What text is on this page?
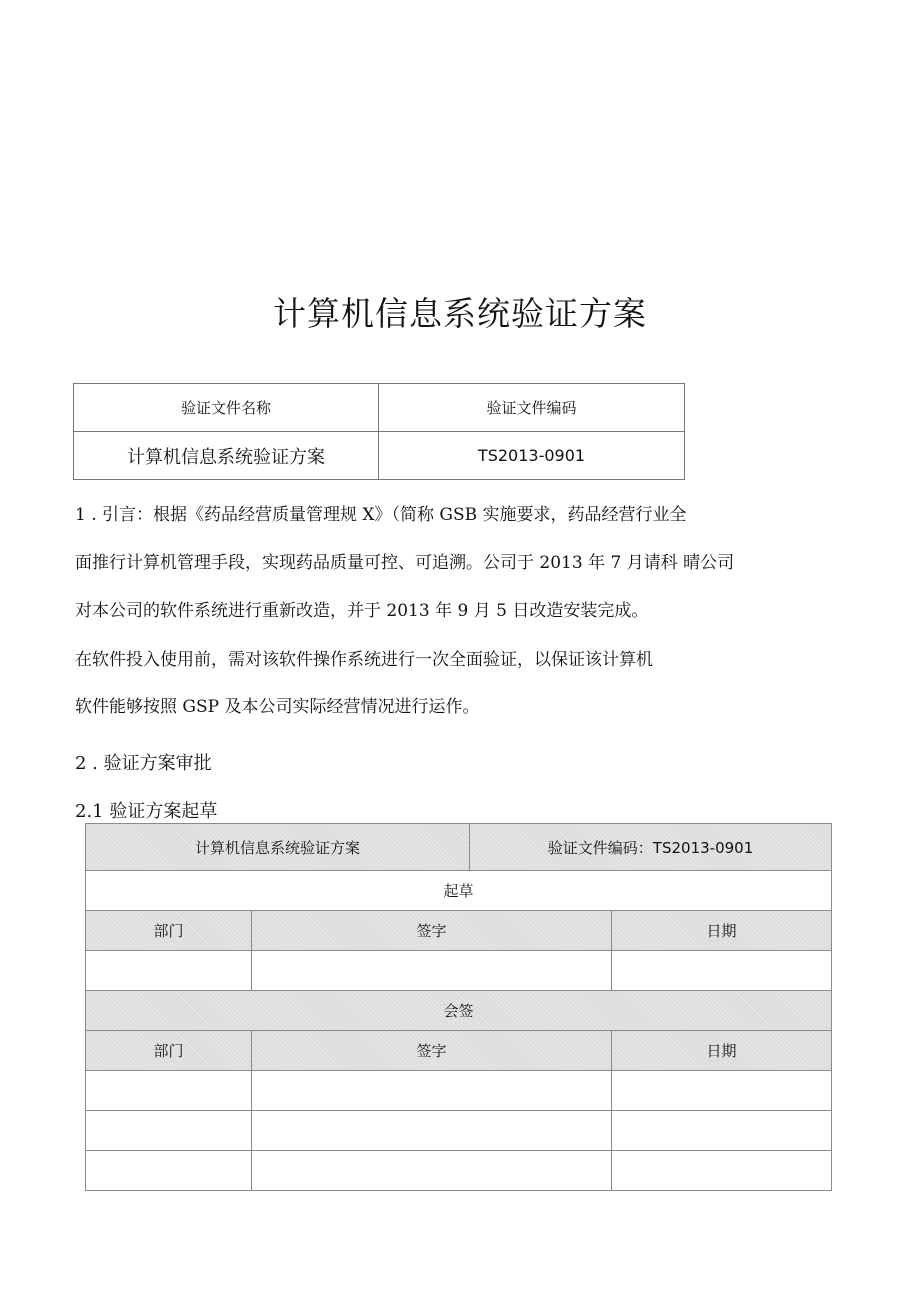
计算机信息系统验证方案
验证文件名称	验证文件编码
计算机信息系统验证方案	TS2013-0901
1 . 引言：根据《药品经营质量管理规 X》（简称 GSB 实施要求，药品经营行业全
面推行计算机管理手段，实现药品质量可控、可追溯。公司于 2013 年 7 月请科 晴公司
对本公司的软件系统进行重新改造，并于 2013 年 9 月 5 日改造安装完成。
在软件投入使用前，需对该软件操作系统进行一次全面验证，以保证该计算机
软件能够按照 GSP 及本公司实际经营情况进行运作。
2 . 验证方案审批
2.1 验证方案起草
计算机信息系统验证方案		验证文件编码：TS2013-0901	
起草			
部门	签字		日期

会签			
部门	签字		日期
